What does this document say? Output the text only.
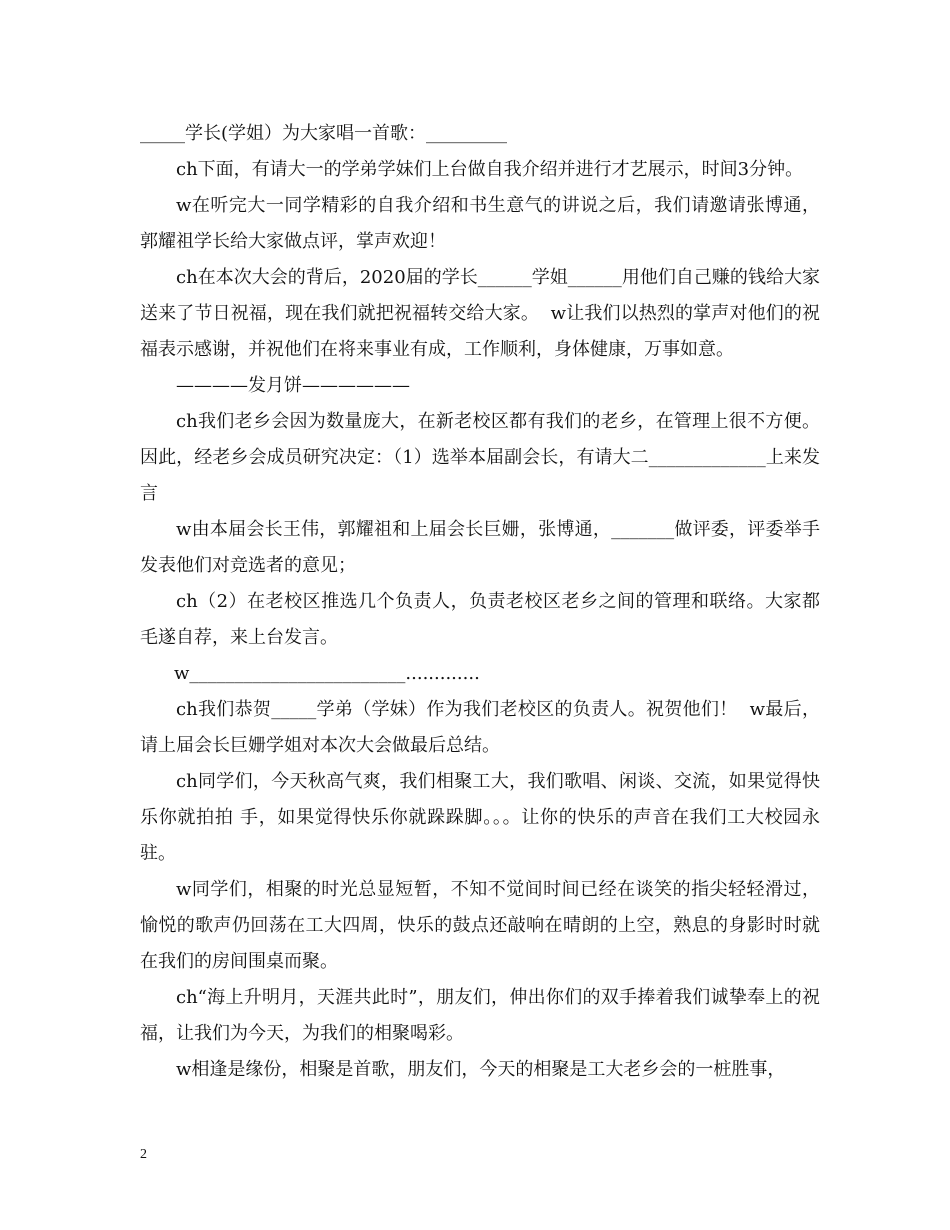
_____学长(学姐）为大家唱一首歌：_________

ch下面，有请大一的学弟学妹们上台做自我介绍并进行才艺展示，时间3分钟。

w在听完大一同学精彩的自我介绍和书生意气的讲说之后，我们请邀请张博通，郭耀祖学长给大家做点评，掌声欢迎！

ch在本次大会的背后，2020届的学长______学姐______用他们自己赚的钱给大家送来了节日祝福，现在我们就把祝福转交给大家。  w让我们以热烈的掌声对他们的祝福表示感谢，并祝他们在将来事业有成，工作顺利，身体健康，万事如意。

————发月饼——————

ch我们老乡会因为数量庞大，在新老校区都有我们的老乡，在管理上很不方便。因此，经老乡会成员研究决定：（1）选举本届副会长，有请大二_____________上来发言

w由本届会长王伟，郭耀祖和上届会长巨姗，张博通，_______做评委，评委举手发表他们对竞选者的意见；

ch（2）在老校区推选几个负责人，负责老校区老乡之间的管理和联络。大家都毛遂自荐，来上台发言。

w________________________.............

ch我们恭贺_____学弟（学妹）作为我们老校区的负责人。祝贺他们！  w最后，请上届会长巨姗学姐对本次大会做最后总结。

ch同学们，今天秋高气爽，我们相聚工大，我们歌唱、闲谈、交流，如果觉得快乐你就拍拍 手，如果觉得快乐你就跺跺脚。。。让你的快乐的声音在我们工大校园永驻。

w同学们，相聚的时光总显短暂，不知不觉间时间已经在谈笑的指尖轻轻滑过，愉悦的歌声仍回荡在工大四周，快乐的鼓点还敲响在晴朗的上空，熟息的身影时时就在我们的房间围桌而聚。

ch“海上升明月，天涯共此时”，朋友们，伸出你们的双手捧着我们诚挚奉上的祝福，让我们为今天，为我们的相聚喝彩。

w相逢是缘份，相聚是首歌，朋友们，今天的相聚是工大老乡会的一桩胜事，

2
